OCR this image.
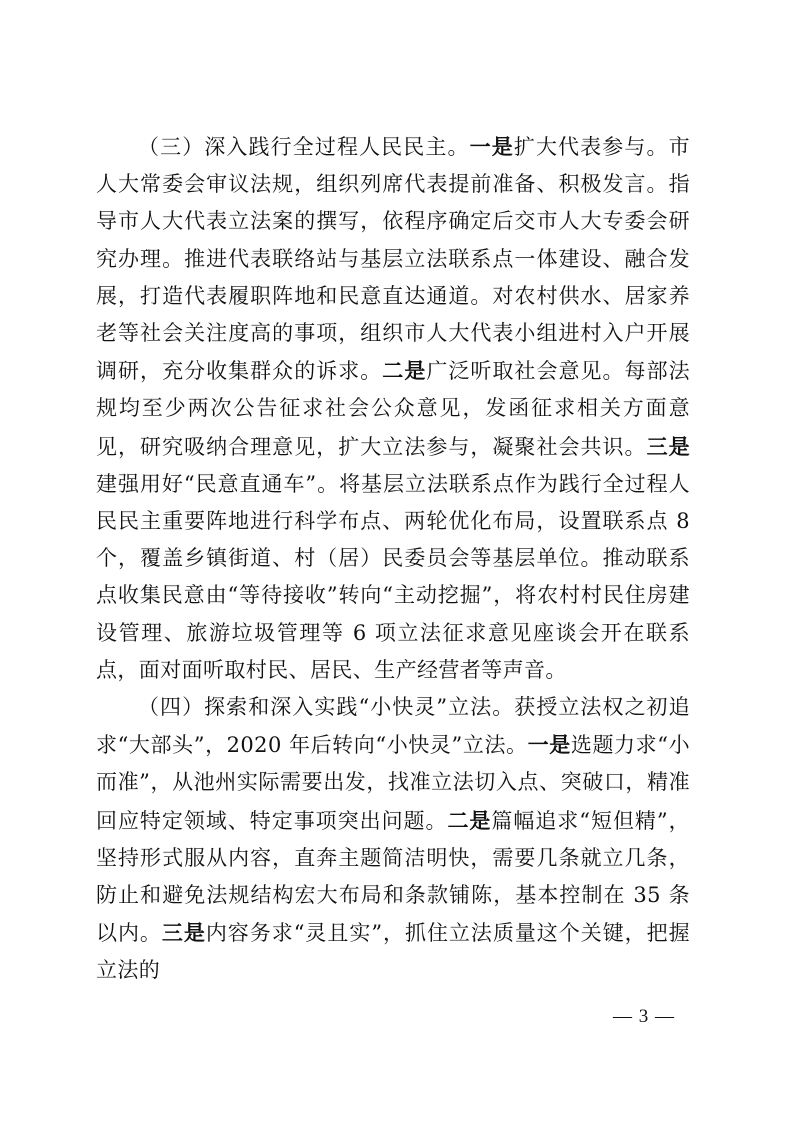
（三）深入践行全过程人民民主。一是扩大代表参与。市人大常委会审议法规，组织列席代表提前准备、积极发言。指导市人大代表立法案的撰写，依程序确定后交市人大专委会研究办理。推进代表联络站与基层立法联系点一体建设、融合发展，打造代表履职阵地和民意直达通道。对农村供水、居家养老等社会关注度高的事项，组织市人大代表小组进村入户开展调研，充分收集群众的诉求。二是广泛听取社会意见。每部法规均至少两次公告征求社会公众意见，发函征求相关方面意见，研究吸纳合理意见，扩大立法参与，凝聚社会共识。三是建强用好“民意直通车”。将基层立法联系点作为践行全过程人民民主重要阵地进行科学布点、两轮优化布局，设置联系点 8 个，覆盖乡镇街道、村（居）民委员会等基层单位。推动联系点收集民意由“等待接收”转向“主动挖掘”，将农村村民住房建设管理、旅游垃圾管理等 6 项立法征求意见座谈会开在联系点，面对面听取村民、居民、生产经营者等声音。

（四）探索和深入实践“小快灵”立法。获授立法权之初追求“大部头”，2020 年后转向“小快灵”立法。一是选题力求“小而准”，从池州实际需要出发，找准立法切入点、突破口，精准回应特定领域、特定事项突出问题。二是篇幅追求“短但精”，坚持形式服从内容，直奔主题简洁明快，需要几条就立几条，防止和避免法规结构宏大布局和条款铺陈，基本控制在 35 条以内。三是内容务求“灵且实”，抓住立法质量这个关键，把握立法的

— 3 —
